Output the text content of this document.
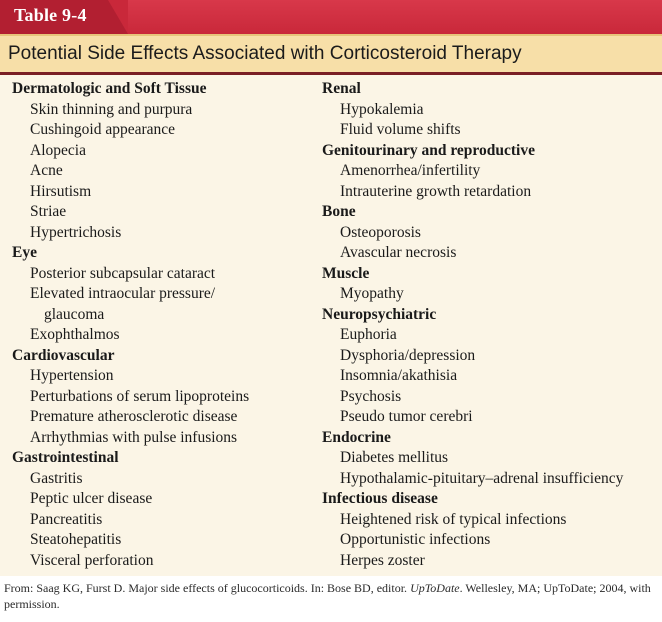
Table 9-4
Potential Side Effects Associated with Corticosteroid Therapy
Dermatologic and Soft Tissue
Skin thinning and purpura
Cushingoid appearance
Alopecia
Acne
Hirsutism
Striae
Hypertrichosis
Eye
Posterior subcapsular cataract
Elevated intraocular pressure/
glaucoma
Exophthalmos
Cardiovascular
Hypertension
Perturbations of serum lipoproteins
Premature atherosclerotic disease
Arrhythmias with pulse infusions
Gastrointestinal
Gastritis
Peptic ulcer disease
Pancreatitis
Steatohepatitis
Visceral perforation
Renal
Hypokalemia
Fluid volume shifts
Genitourinary and reproductive
Amenorrhea/infertility
Intrauterine growth retardation
Bone
Osteoporosis
Avascular necrosis
Muscle
Myopathy
Neuropsychiatric
Euphoria
Dysphoria/depression
Insomnia/akathisia
Psychosis
Pseudo tumor cerebri
Endocrine
Diabetes mellitus
Hypothalamic-pituitary–adrenal insufficiency
Infectious disease
Heightened risk of typical infections
Opportunistic infections
Herpes zoster
From: Saag KG, Furst D. Major side effects of glucocorticoids. In: Bose BD, editor. UpToDate. Wellesley, MA; UpToDate; 2004, with permission.
